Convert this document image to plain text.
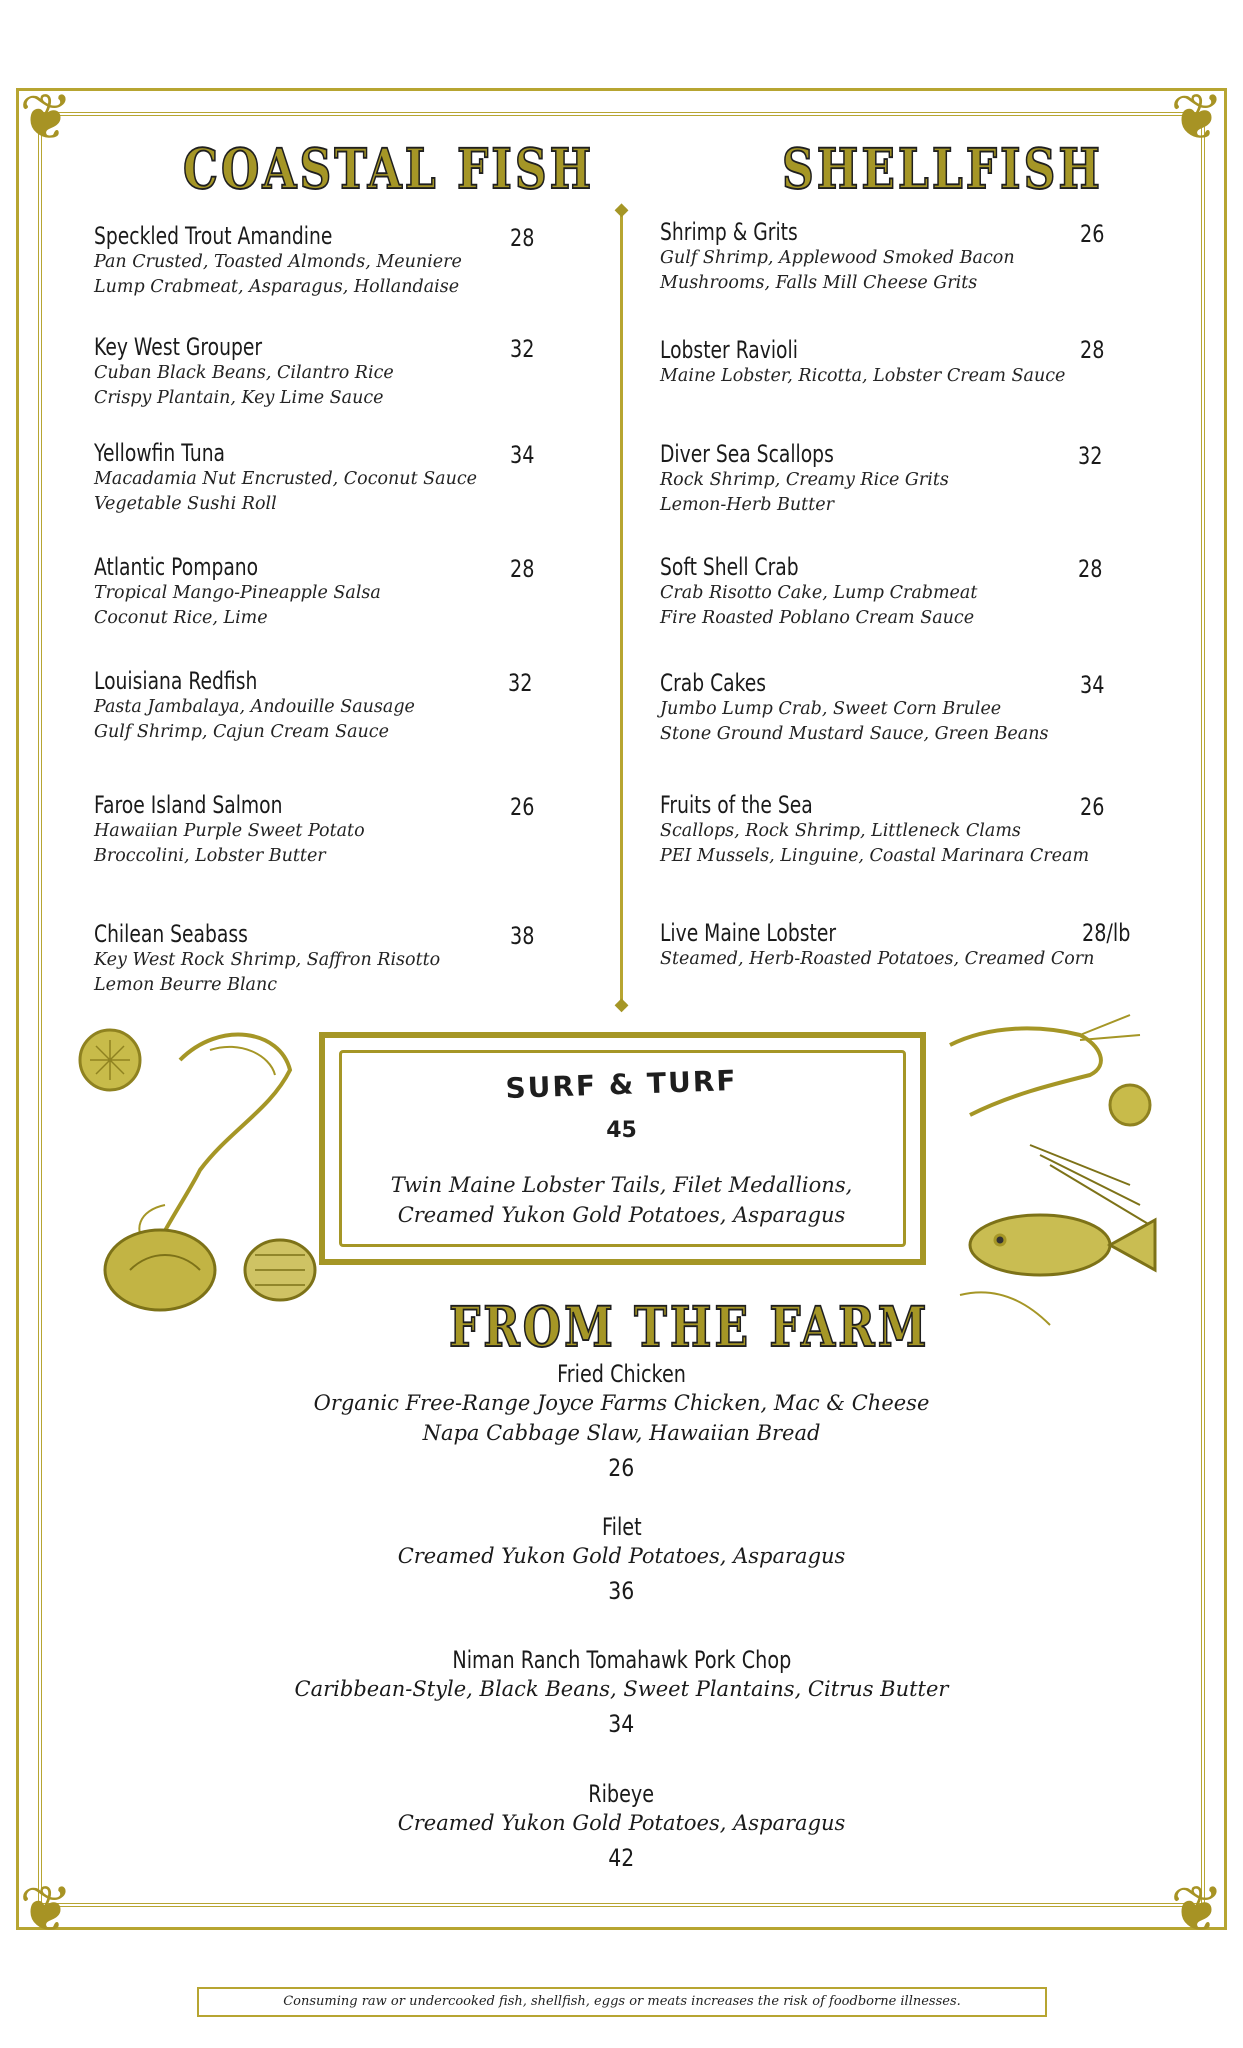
❦	❦
❦	❦
COASTAL FISH	SHELLFISH
◆
◆
Speckled Trout Amandine
Pan Crusted, Toasted Almonds, Meuniere
Lump Crabmeat, Asparagus, Hollandaise
28
Key West Grouper
Cuban Black Beans, Cilantro Rice
Crispy Plantain, Key Lime Sauce
32
Yellowfin Tuna
Macadamia Nut Encrusted, Coconut Sauce
Vegetable Sushi Roll
34
Atlantic Pompano
Tropical Mango-Pineapple Salsa
Coconut Rice, Lime
28
Louisiana Redfish
Pasta Jambalaya, Andouille Sausage
Gulf Shrimp, Cajun Cream Sauce
32
Faroe Island Salmon
Hawaiian Purple Sweet Potato
Broccolini, Lobster Butter
26
Chilean Seabass
Key West Rock Shrimp, Saffron Risotto
Lemon Beurre Blanc
38
Shrimp & Grits
Gulf Shrimp, Applewood Smoked Bacon
Mushrooms, Falls Mill Cheese Grits
26
Lobster Ravioli
Maine Lobster, Ricotta, Lobster Cream Sauce
28
Diver Sea Scallops
Rock Shrimp, Creamy Rice Grits
Lemon-Herb Butter
32
Soft Shell Crab
Crab Risotto Cake, Lump Crabmeat
Fire Roasted Poblano Cream Sauce
28
Crab Cakes
Jumbo Lump Crab, Sweet Corn Brulee
Stone Ground Mustard Sauce, Green Beans
34
Fruits of the Sea
Scallops, Rock Shrimp, Littleneck Clams
PEI Mussels, Linguine, Coastal Marinara Cream
26
Live Maine Lobster
Steamed, Herb-Roasted Potatoes, Creamed Corn
28/lb
SURF & TURF
45
Twin Maine Lobster Tails, Filet Medallions,
Creamed Yukon Gold Potatoes, Asparagus
FROM THE FARM
Fried Chicken
Organic Free-Range Joyce Farms Chicken, Mac & Cheese
Napa Cabbage Slaw, Hawaiian Bread
26
Filet
Creamed Yukon Gold Potatoes, Asparagus
36
Niman Ranch Tomahawk Pork Chop
Caribbean-Style, Black Beans, Sweet Plantains, Citrus Butter
34
Ribeye
Creamed Yukon Gold Potatoes, Asparagus
42
Consuming raw or undercooked fish, shellfish, eggs or meats increases the risk of foodborne illnesses.
